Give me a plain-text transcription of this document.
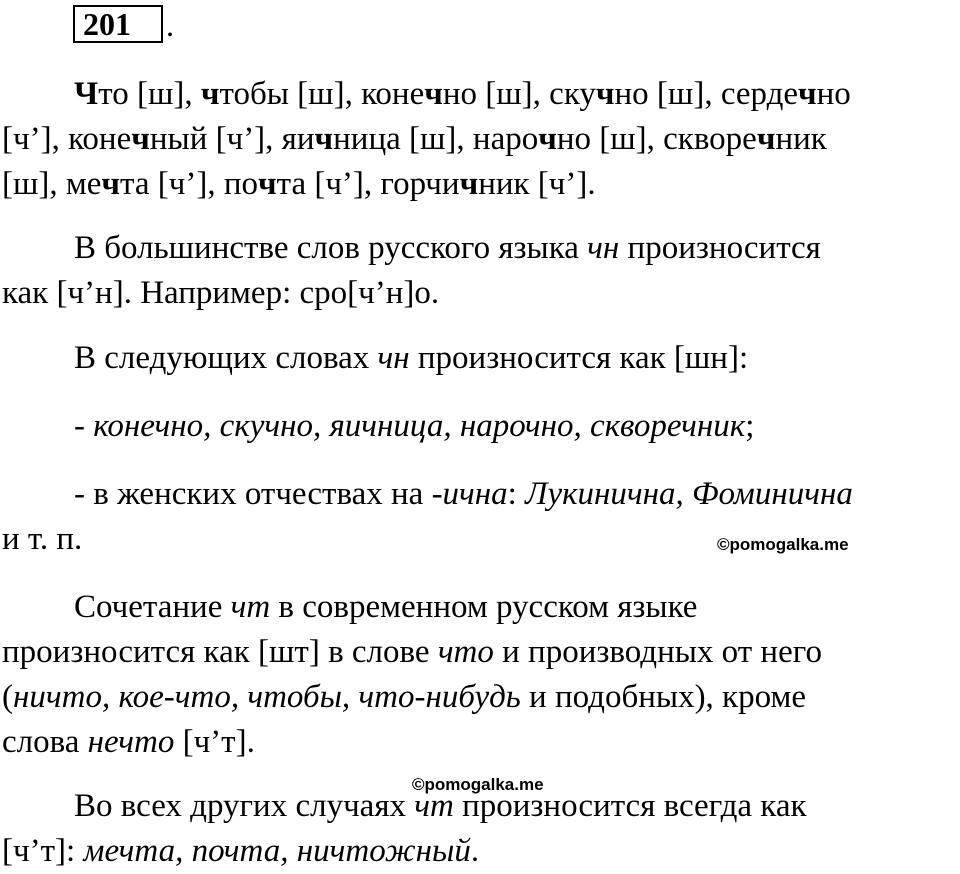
201	.
Что [ш], чтобы [ш], конечно [ш], скучно [ш], сердечно
[ч’], конечный [ч’], яичница [ш], нарочно [ш], скворечник
[ш], мечта [ч’], почта [ч’], горчичник [ч’].
В большинстве слов русского языка чн произносится
как [ч’н]. Например: сро[ч’н]о.
В следующих словах чн произносится как [шн]:
- конечно, скучно, яичница, нарочно, скворечник;
- в женских отчествах на -ична: Лукинична, Фоминична
и т. п.	©pomogalka.me
Сочетание чт в современном русском языке
произносится как [шт] в слове что и производных от него
(ничто, кое-что, чтобы, что-нибудь и подобных), кроме
слова нечто [ч’т].
©pomogalka.me
Во всех других случаях чт произносится всегда как
[ч’т]: мечта, почта, ничтожный.
